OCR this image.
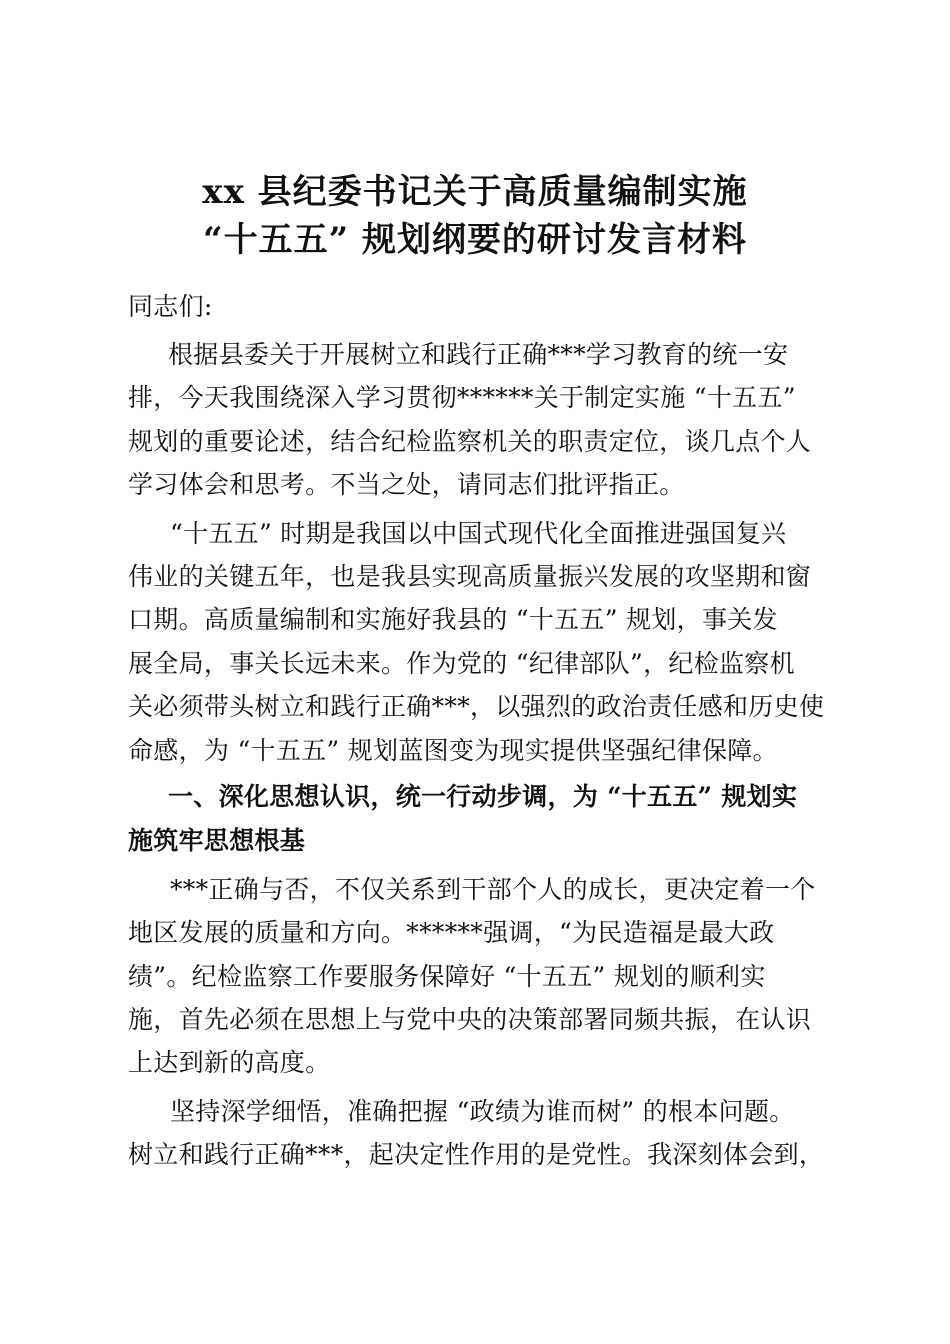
xx 县纪委书记关于高质量编制实施
“十五五” 规划纲要的研讨发言材料
同志们:
根据县委关于开展树立和践行正确***学习教育的统一安
排，今天我围绕深入学习贯彻******关于制定实施 “十五五”
规划的重要论述，结合纪检监察机关的职责定位，谈几点个人
学习体会和思考。不当之处，请同志们批评指正。
“十五五” 时期是我国以中国式现代化全面推进强国复兴
伟业的关键五年，也是我县实现高质量振兴发展的攻坚期和窗
口期。高质量编制和实施好我县的 “十五五” 规划，事关发
展全局，事关长远未来。作为党的 “纪律部队”，纪检监察机
关必须带头树立和践行正确***，以强烈的政治责任感和历史使
命感，为 “十五五” 规划蓝图变为现实提供坚强纪律保障。
一、深化思想认识，统一行动步调，为 “十五五” 规划实
施筑牢思想根基
***正确与否，不仅关系到干部个人的成长，更决定着一个
地区发展的质量和方向。******强调，“为民造福是最大政
绩”。纪检监察工作要服务保障好 “十五五” 规划的顺利实
施，首先必须在思想上与党中央的决策部署同频共振，在认识
上达到新的高度。
坚持深学细悟，准确把握 “政绩为谁而树” 的根本问题。
树立和践行正确***，起决定性作用的是党性。我深刻体会到，
